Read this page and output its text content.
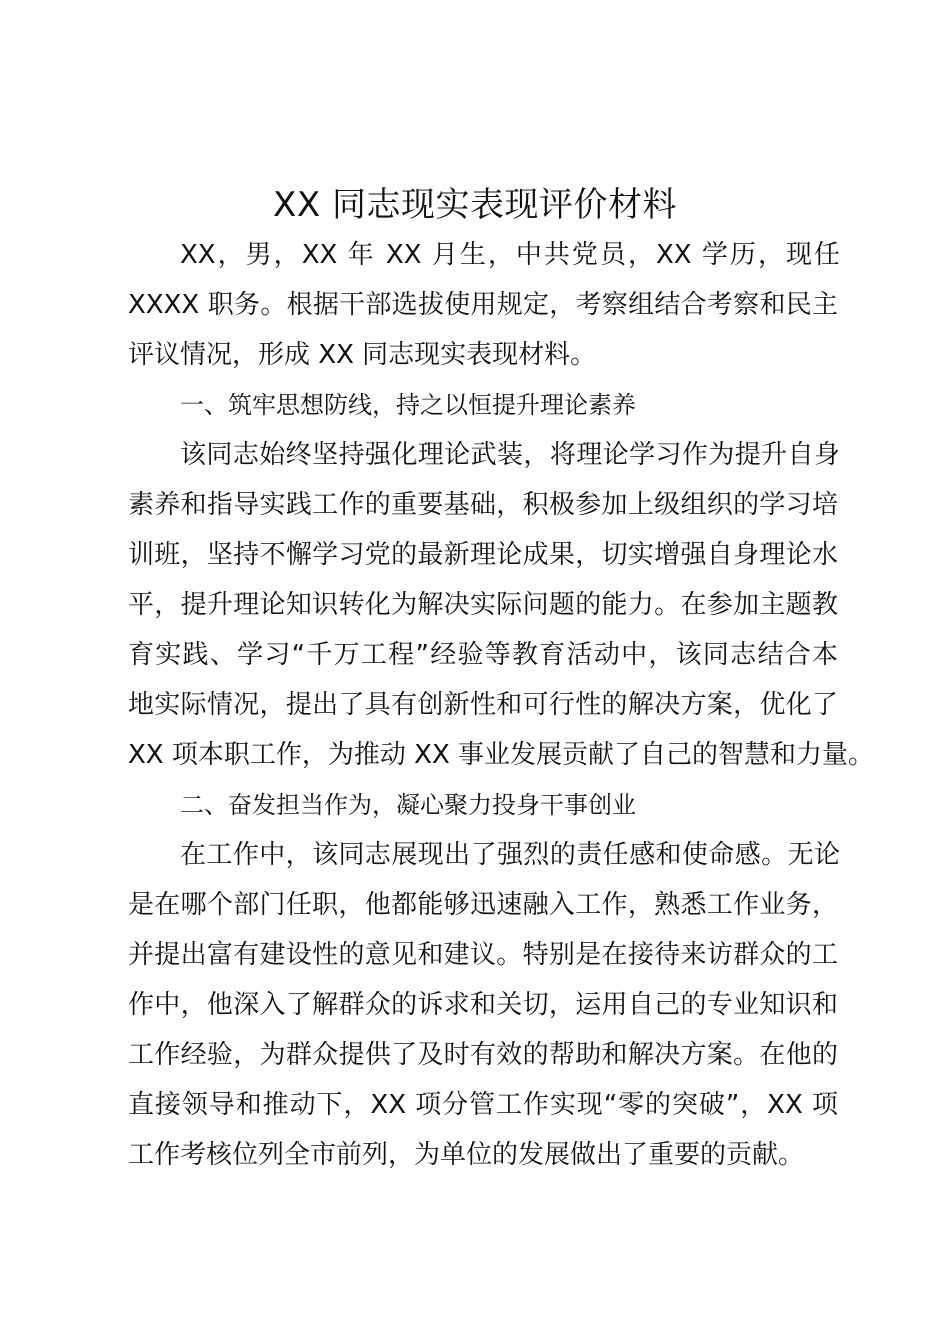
XX 同志现实表现评价材料
XX，男，XX 年 XX 月生，中共党员，XX 学历，现任
XXXX 职务。根据干部选拔使用规定，考察组结合考察和民主
评议情况，形成 XX 同志现实表现材料。
一、筑牢思想防线，持之以恒提升理论素养
该同志始终坚持强化理论武装，将理论学习作为提升自身
素养和指导实践工作的重要基础，积极参加上级组织的学习培
训班，坚持不懈学习党的最新理论成果，切实增强自身理论水
平，提升理论知识转化为解决实际问题的能力。在参加主题教
育实践、学习“千万工程”经验等教育活动中，该同志结合本
地实际情况，提出了具有创新性和可行性的解决方案，优化了
XX 项本职工作，为推动 XX 事业发展贡献了自己的智慧和力量。
二、奋发担当作为，凝心聚力投身干事创业
在工作中，该同志展现出了强烈的责任感和使命感。无论
是在哪个部门任职，他都能够迅速融入工作，熟悉工作业务，
并提出富有建设性的意见和建议。特别是在接待来访群众的工
作中，他深入了解群众的诉求和关切，运用自己的专业知识和
工作经验，为群众提供了及时有效的帮助和解决方案。在他的
直接领导和推动下，XX 项分管工作实现“零的突破”，XX 项
工作考核位列全市前列，为单位的发展做出了重要的贡献。
